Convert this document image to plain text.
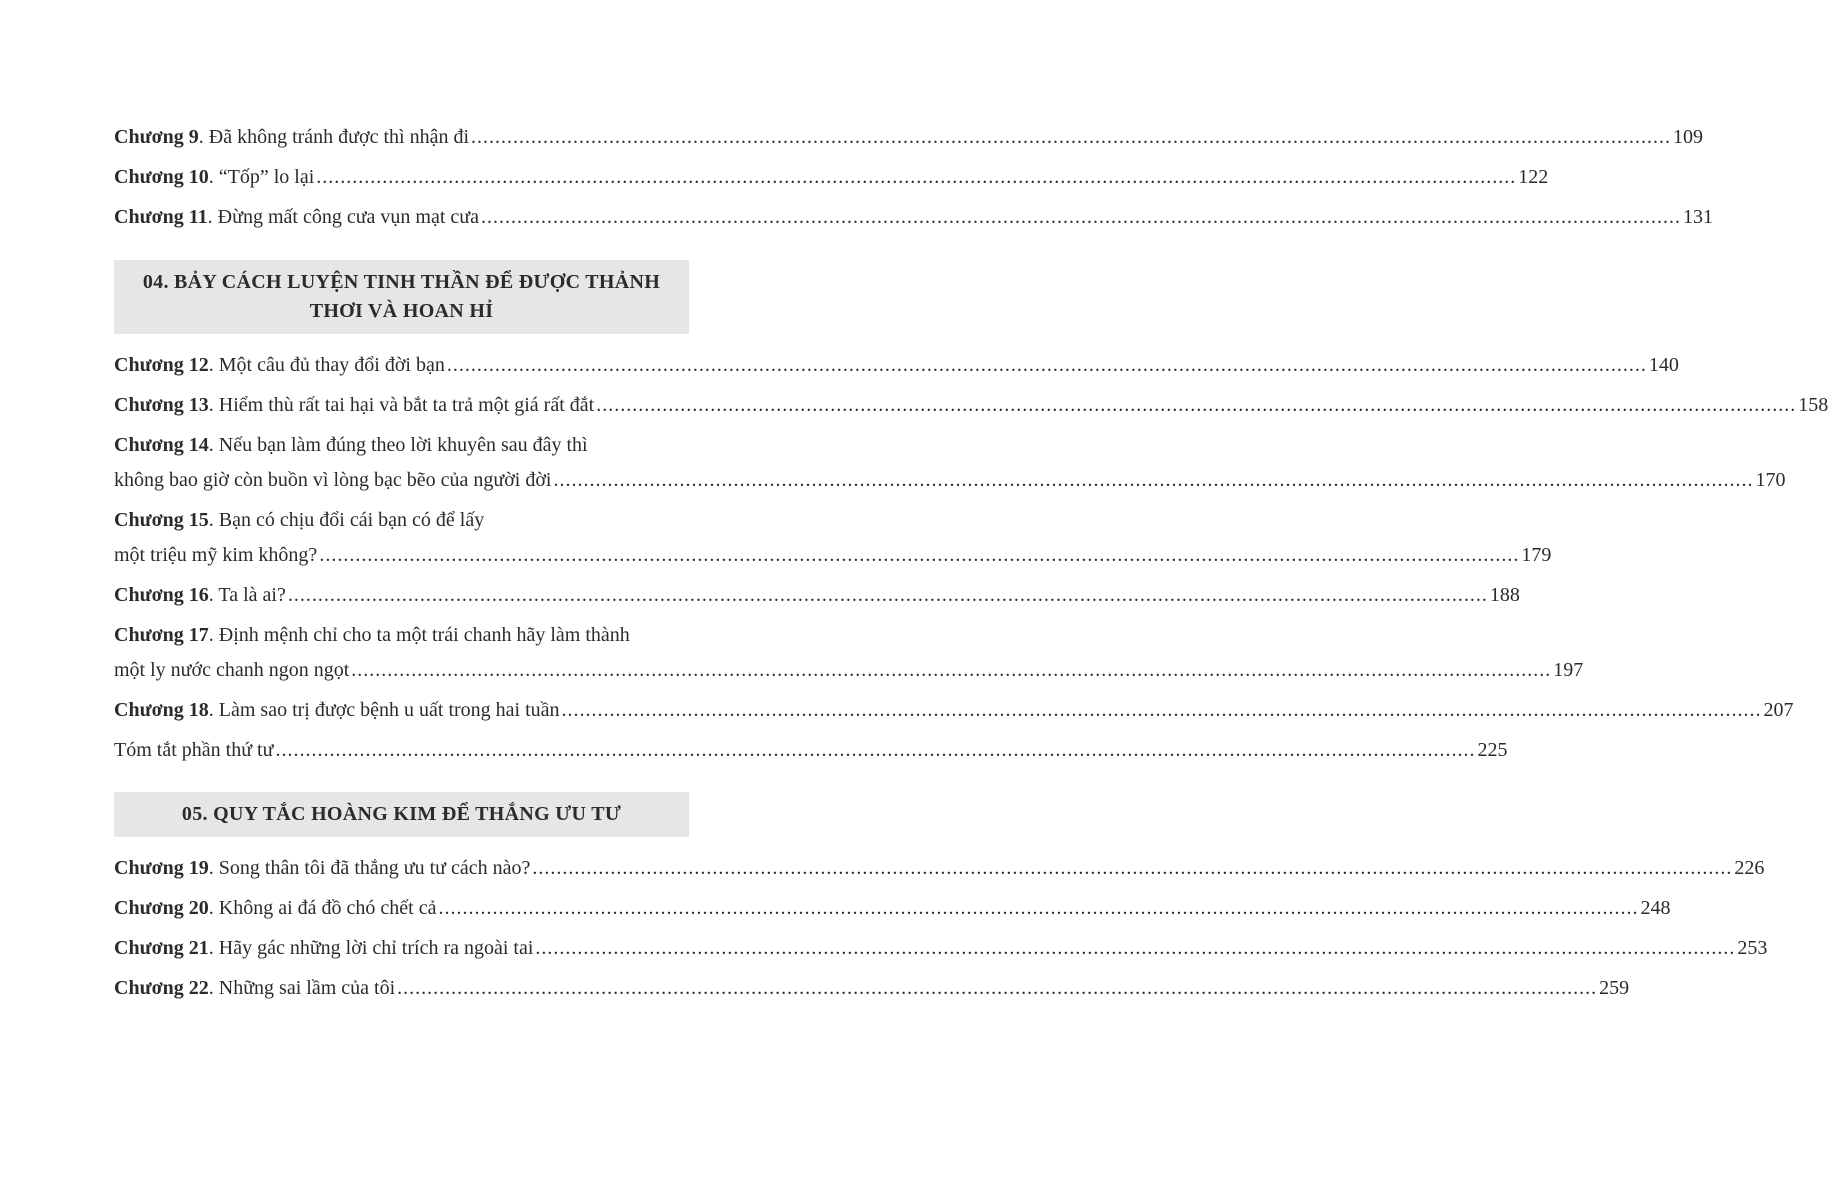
Chương 9. Đã không tránh được thì nhận đi ........................................................................................................................................................................................................ 109
Chương 10. “Tốp” lo lại ........................................................................................................................................................................................................ 122
Chương 11. Đừng mất công cưa vụn mạt cưa ........................................................................................................................................................................................................ 131
04. BẢY CÁCH LUYỆN TINH THẦN ĐỂ ĐƯỢC THẢNH
THƠI VÀ HOAN HỈ
Chương 12. Một câu đủ thay đổi đời bạn ........................................................................................................................................................................................................ 140
Chương 13. Hiểm thù rất tai hại và bắt ta trả một giá rất đắt ........................................................................................................................................................................................................ 158
Chương 14. Nếu bạn làm đúng theo lời khuyên sau đây thì
không bao giờ còn buồn vì lòng bạc bẽo của người đời ........................................................................................................................................................................................................ 170
Chương 15. Bạn có chịu đổi cái bạn có để lấy
một triệu mỹ kim không? ........................................................................................................................................................................................................ 179
Chương 16. Ta là ai? ........................................................................................................................................................................................................ 188
Chương 17. Định mệnh chỉ cho ta một trái chanh hãy làm thành
một ly nước chanh ngon ngọt ........................................................................................................................................................................................................ 197
Chương 18. Làm sao trị được bệnh u uất trong hai tuần ........................................................................................................................................................................................................ 207
Tóm tắt phần thứ tư ........................................................................................................................................................................................................ 225
05. QUY TẮC HOÀNG KIM ĐỂ THẮNG ƯU TƯ
Chương 19. Song thân tôi đã thắng ưu tư cách nào? ........................................................................................................................................................................................................ 226
Chương 20. Không ai đá đồ chó chết cả ........................................................................................................................................................................................................ 248
Chương 21. Hãy gác những lời chỉ trích ra ngoài tai ........................................................................................................................................................................................................ 253
Chương 22. Những sai lầm của tôi ........................................................................................................................................................................................................ 259
